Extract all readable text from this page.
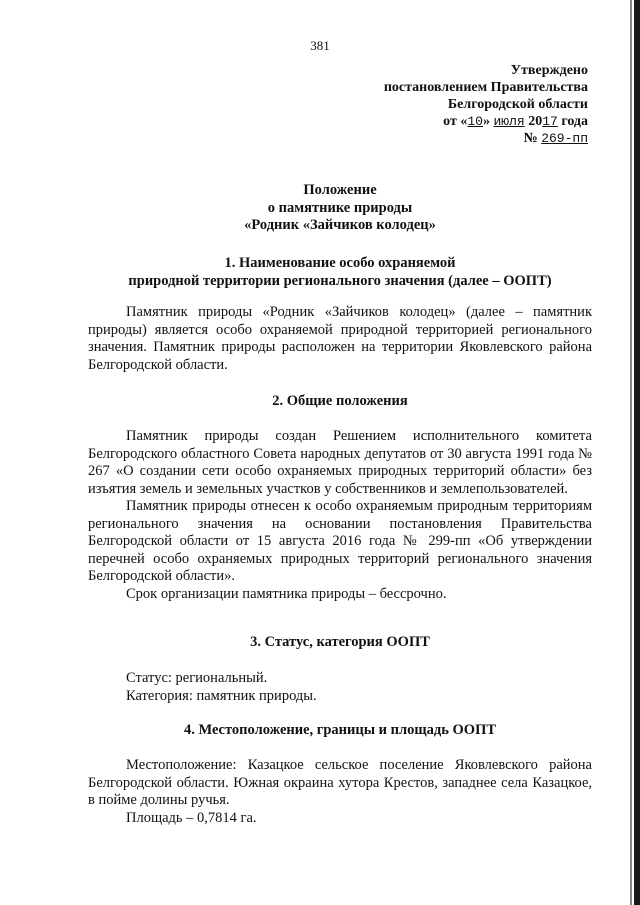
381
Утверждено
постановлением Правительства
Белгородской области
от «10» июля 2017 года
№ 269-пп
Положение
о памятнике природы
«Родник «Зайчиков колодец»
1. Наименование особо охраняемой
природной территории регионального значения (далее – ООПТ)

Памятник природы «Родник «Зайчиков колодец» (далее – памятник природы) является особо охраняемой природной территорией регионального значения. Памятник природы расположен на территории Яковлевского района Белгородской области.

2. Общие положения

Памятник природы создан Решением исполнительного комитета Белгородского областного Совета народных депутатов от 30 августа 1991 года № 267 «О создании сети особо охраняемых природных территорий области» без изъятия земель и земельных участков у собственников и землепользователей.

Памятник природы отнесен к особо охраняемым природным территориям регионального значения на основании постановления Правительства Белгородской области от 15 августа 2016 года № 299-пп «Об утверждении перечней особо охраняемых природных территорий регионального значения Белгородской области».

Срок организации памятника природы – бессрочно.

3. Статус, категория ООПТ

Статус: региональный.

Категория: памятник природы.

4. Местоположение, границы и площадь ООПТ

Местоположение: Казацкое сельское поселение Яковлевского района Белгородской области. Южная окраина хутора Крестов, западнее села Казацкое, в пойме долины ручья.

Площадь – 0,7814 га.
